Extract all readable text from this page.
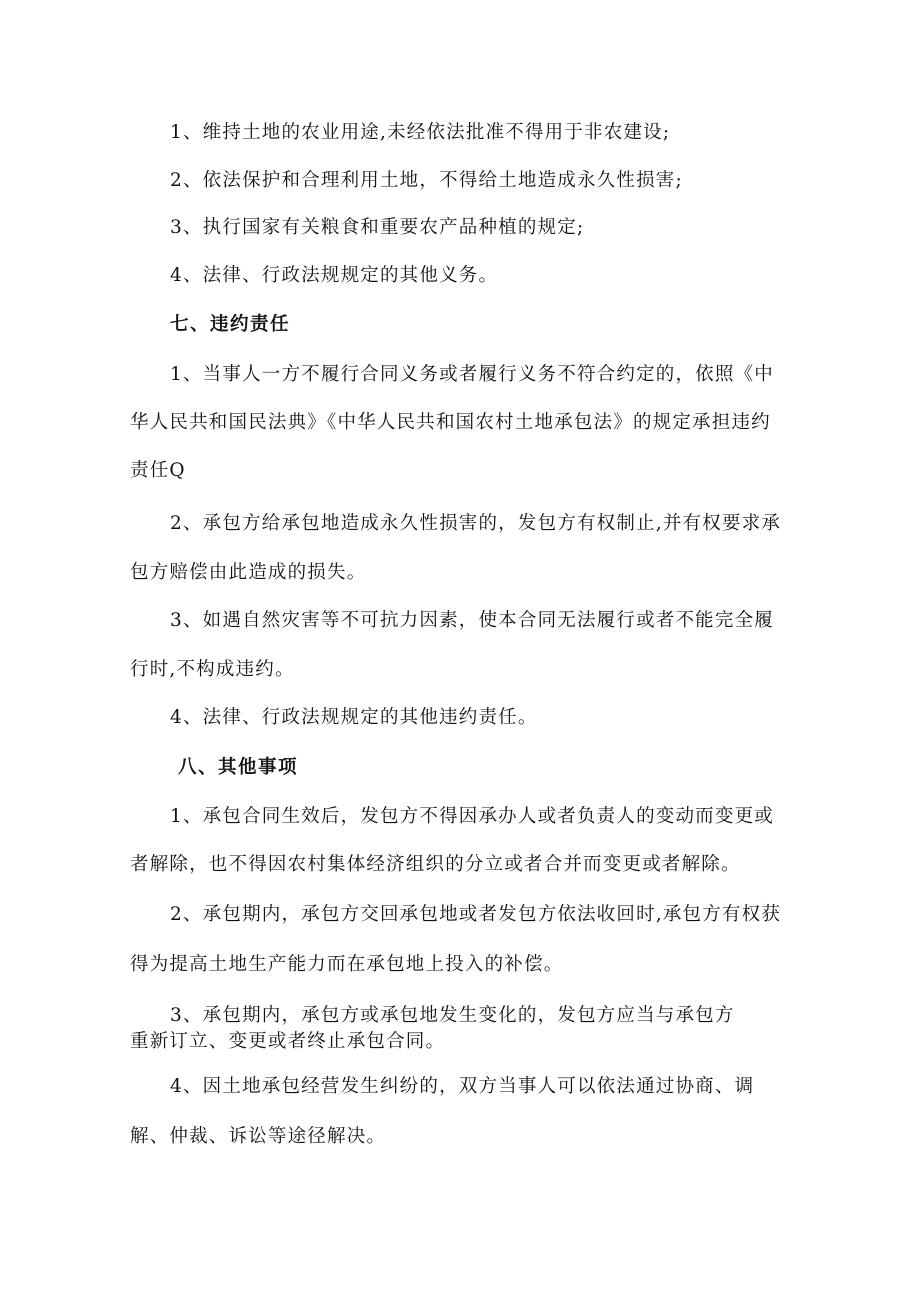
1、维持土地的农业用途,未经依法批准不得用于非农建设;
2、依法保护和合理利用土地，不得给土地造成永久性损害;
3、执行国家有关粮食和重要农产品种植的规定;
4、法律、行政法规规定的其他义务。
七、违约责任
1、当事人一方不履行合同义务或者履行义务不符合约定的，依照《中
华人民共和国民法典》《中华人民共和国农村土地承包法》的规定承担违约
责任Q
2、承包方给承包地造成永久性损害的，发包方有权制止,并有权要求承
包方赔偿由此造成的损失。
3、如遇自然灾害等不可抗力因素，使本合同无法履行或者不能完全履
行时,不构成违约。
4、法律、行政法规规定的其他违约责任。
八、其他事项
1、承包合同生效后，发包方不得因承办人或者负责人的变动而变更或
者解除，也不得因农村集体经济组织的分立或者合并而变更或者解除。
2、承包期内，承包方交回承包地或者发包方依法收回时,承包方有权获
得为提高土地生产能力而在承包地上投入的补偿。
3、承包期内，承包方或承包地发生变化的，发包方应当与承包方
重新订立、变更或者终止承包合同。
4、因土地承包经营发生纠纷的，双方当事人可以依法通过协商、调
解、仲裁、诉讼等途径解决。
